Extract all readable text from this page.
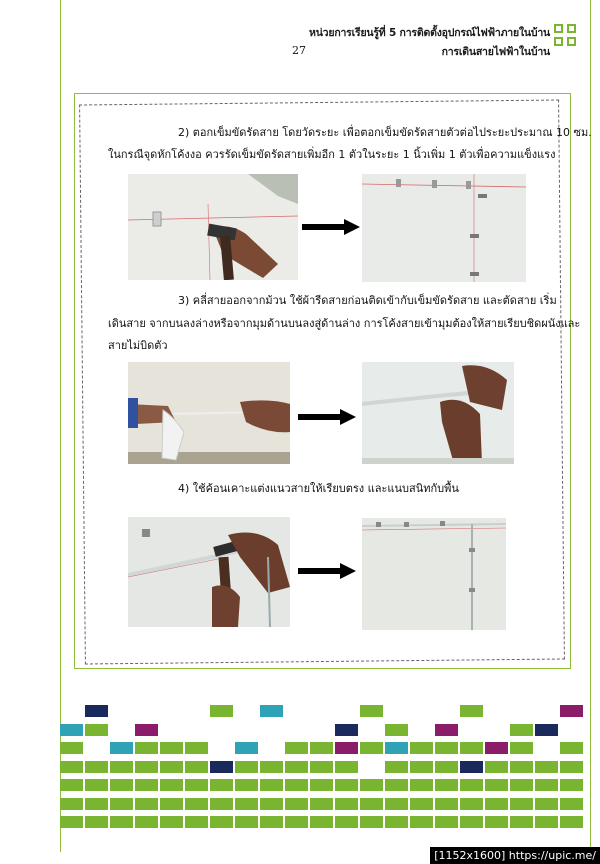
หน่วยการเรียนรู้ที่ 5 การติดตั้งอุปกรณ์ไฟฟ้าภายในบ้าน
การเดินสายไฟฟ้าในบ้าน
27
2) ตอกเข็มขัดรัดสาย โดยวัดระยะ เพื่อตอกเข็มขัดรัดสายตัวต่อไประยะประมาณ 10 ซม.
ในกรณีจุดหักโค้งงอ ควรรัดเข็มขัดรัดสายเพิ่มอีก 1 ตัวในระยะ 1 นิ้วเพิ่ม 1 ตัวเพื่อความแข็งแรง
3) คลี่สายออกจากม้วน ใช้ผ้ารีดสายก่อนติดเข้ากับเข็มขัดรัดสาย และตัดสาย เริ่ม
เดินสาย จากบนลงล่างหรือจากมุมด้านบนลงสู่ด้านล่าง การโค้งสายเข้ามุมต้องให้สายเรียบชิดผนังและ
สายไม่บิดตัว
4) ใช้ค้อนเคาะแต่งแนวสายให้เรียบตรง และแนบสนิทกับพื้น
[1152x1600] https://upic.me/
